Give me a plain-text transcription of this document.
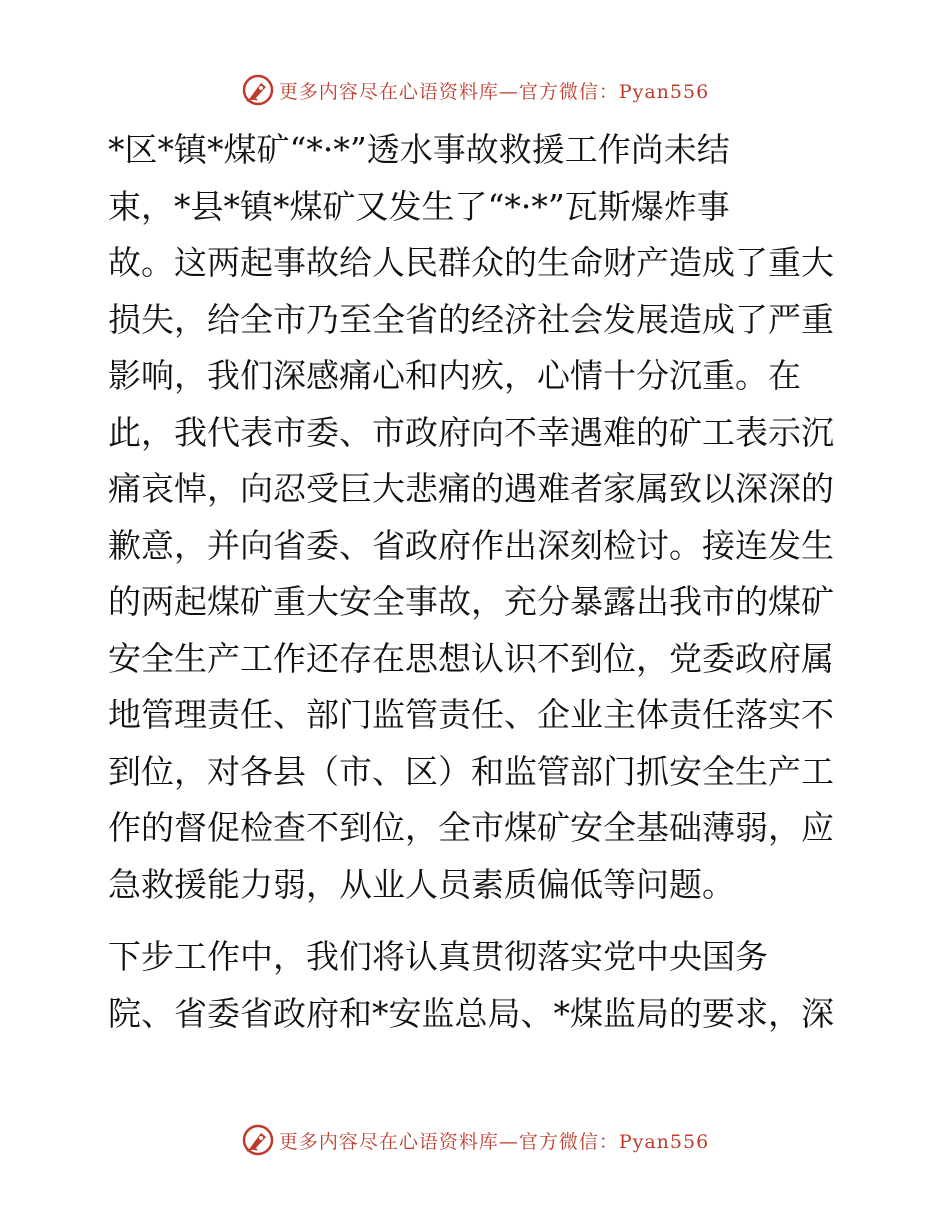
更多内容尽在心语资料库—官方微信：Pyan556

*区*镇*煤矿“*·*”透水事故救援工作尚未结
束，*县*镇*煤矿又发生了“*·*”瓦斯爆炸事
故。这两起事故给人民群众的生命财产造成了重大
损失，给全市乃至全省的经济社会发展造成了严重
影响，我们深感痛心和内疚，心情十分沉重。在
此，我代表市委、市政府向不幸遇难的矿工表示沉
痛哀悼，向忍受巨大悲痛的遇难者家属致以深深的
歉意，并向省委、省政府作出深刻检讨。接连发生
的两起煤矿重大安全事故，充分暴露出我市的煤矿
安全生产工作还存在思想认识不到位，党委政府属
地管理责任、部门监管责任、企业主体责任落实不
到位，对各县（市、区）和监管部门抓安全生产工
作的督促检查不到位，全市煤矿安全基础薄弱，应
急救援能力弱，从业人员素质偏低等问题。

下步工作中，我们将认真贯彻落实党中央国务
院、省委省政府和*安监总局、*煤监局的要求，深

更多内容尽在心语资料库—官方微信：Pyan556
